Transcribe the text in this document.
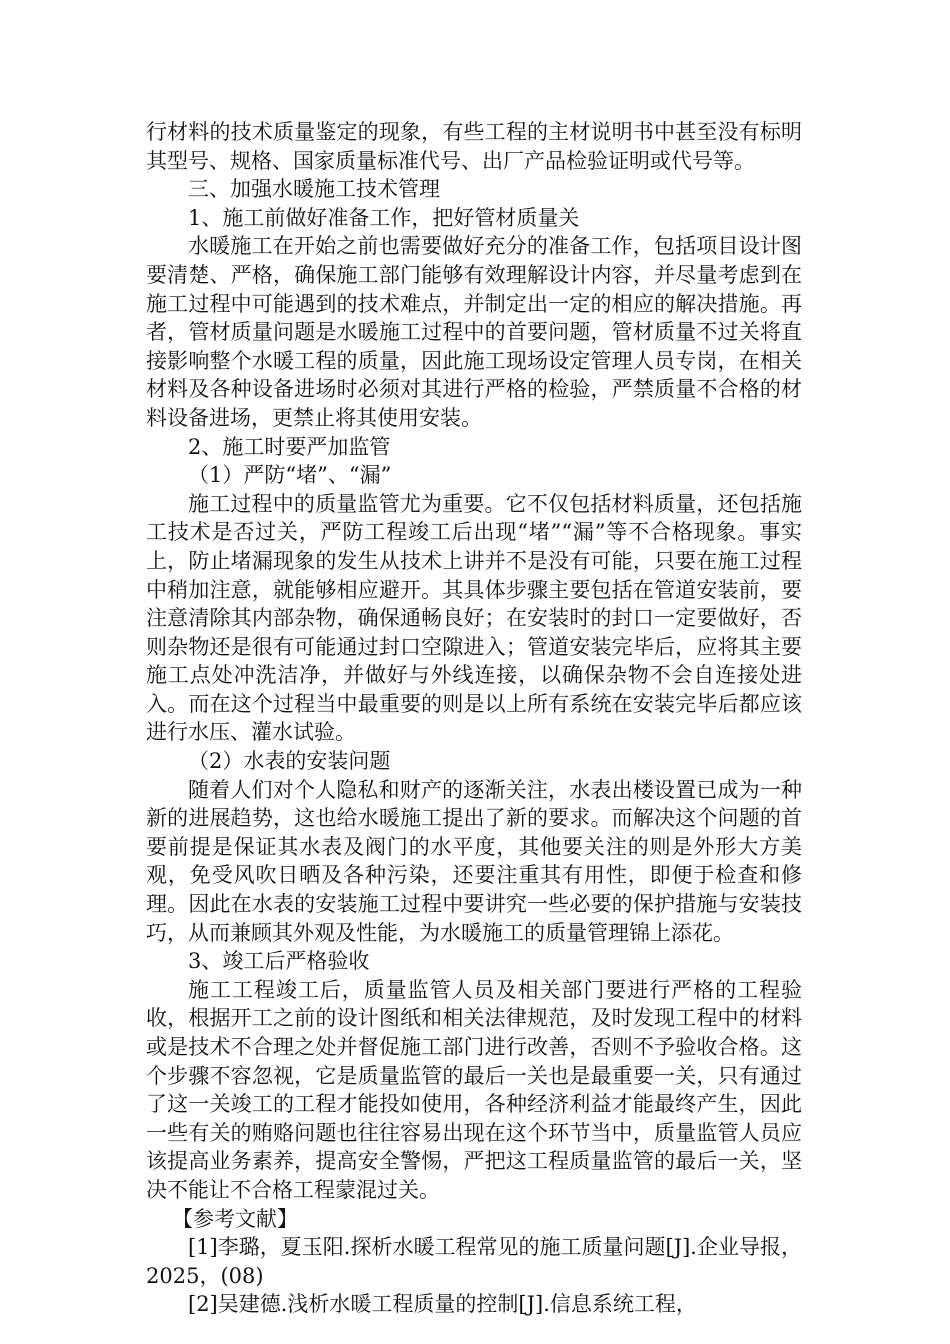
行材料的技术质量鉴定的现象，有些工程的主材说明书中甚至没有标明其型号、规格、国家质量标准代号、出厂产品检验证明或代号等。

三、加强水暖施工技术管理

1、施工前做好准备工作，把好管材质量关

水暖施工在开始之前也需要做好充分的准备工作，包括项目设计图要清楚、严格，确保施工部门能够有效理解设计内容，并尽量考虑到在施工过程中可能遇到的技术难点，并制定出一定的相应的解决措施。再者，管材质量问题是水暖施工过程中的首要问题，管材质量不过关将直接影响整个水暖工程的质量，因此施工现场设定管理人员专岗，在相关材料及各种设备进场时必须对其进行严格的检验，严禁质量不合格的材料设备进场，更禁止将其使用安装。

2、施工时要严加监管

（1）严防“堵”、“漏”

施工过程中的质量监管尤为重要。它不仅包括材料质量，还包括施工技术是否过关，严防工程竣工后出现“堵”“漏”等不合格现象。事实上，防止堵漏现象的发生从技术上讲并不是没有可能，只要在施工过程中稍加注意，就能够相应避开。其具体步骤主要包括在管道安装前，要注意清除其内部杂物，确保通畅良好；在安装时的封口一定要做好，否则杂物还是很有可能通过封口空隙进入；管道安装完毕后，应将其主要施工点处冲洗洁净，并做好与外线连接，以确保杂物不会自连接处进入。而在这个过程当中最重要的则是以上所有系统在安装完毕后都应该进行水压、灌水试验。

（2）水表的安装问题

随着人们对个人隐私和财产的逐渐关注，水表出楼设置已成为一种新的进展趋势，这也给水暖施工提出了新的要求。而解决这个问题的首要前提是保证其水表及阀门的水平度，其他要关注的则是外形大方美观，免受风吹日晒及各种污染，还要注重其有用性，即便于检查和修理。因此在水表的安装施工过程中要讲究一些必要的保护措施与安装技巧，从而兼顾其外观及性能，为水暖施工的质量管理锦上添花。

3、竣工后严格验收

施工工程竣工后，质量监管人员及相关部门要进行严格的工程验收，根据开工之前的设计图纸和相关法律规范，及时发现工程中的材料或是技术不合理之处并督促施工部门进行改善，否则不予验收合格。这个步骤不容忽视，它是质量监管的最后一关也是最重要一关，只有通过了这一关竣工的工程才能投如使用，各种经济利益才能最终产生，因此一些有关的贿赂问题也往往容易出现在这个环节当中，质量监管人员应该提高业务素养，提高安全警惕，严把这工程质量监管的最后一关，坚决不能让不合格工程蒙混过关。

【参考文献】

[1]李璐，夏玉阳.探析水暖工程常见的施工质量问题[J].企业导报，2025，(08)

[2]吴建德.浅析水暖工程质量的控制[J].信息系统工程，
